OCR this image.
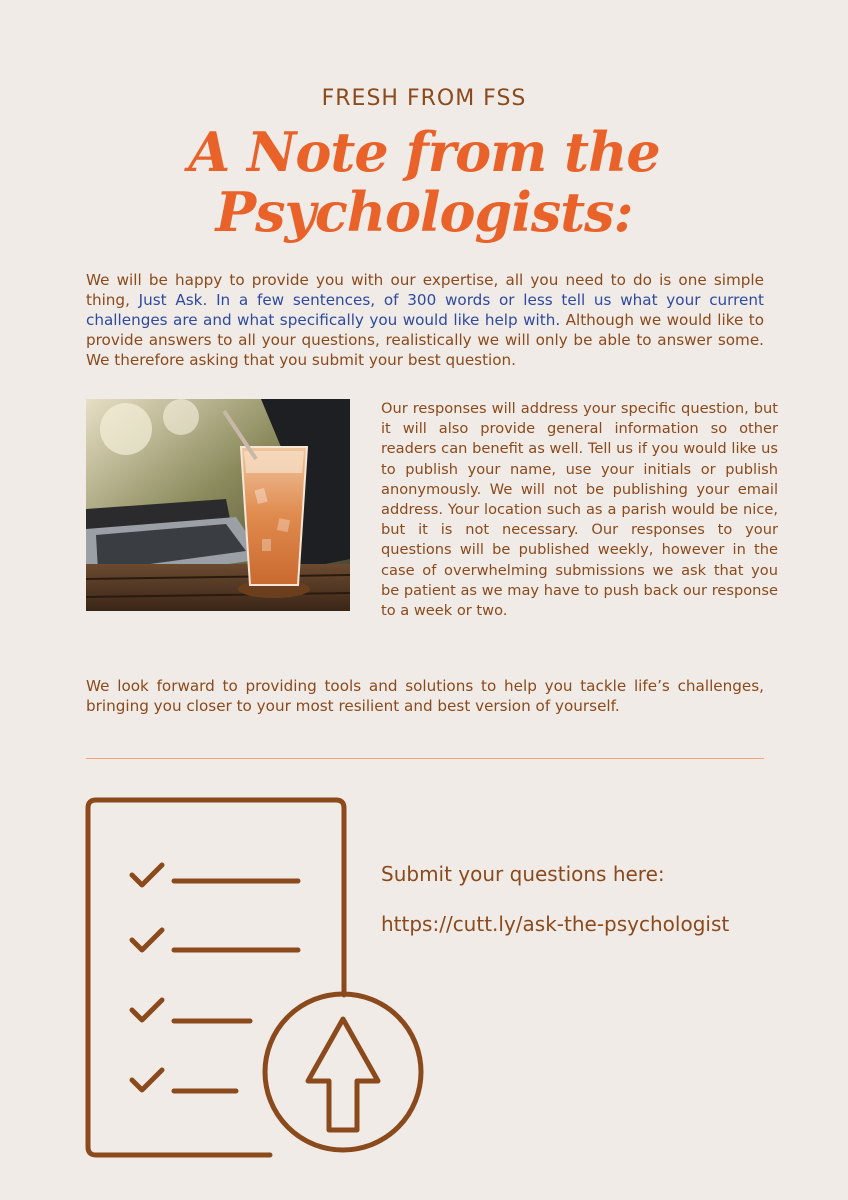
FRESH FROM FSS
A Note from the
Psychologists:
We will be happy to provide you with our expertise, all you need to do is one simple thing, Just Ask. In a few sentences, of 300 words or less tell us what your current challenges are and what specifically you would like help with. Although we would like to provide answers to all your questions, realistically we will only be able to answer some. We therefore asking that you submit your best question.
Our responses will address your specific question, but it will also provide general information so other readers can benefit as well. Tell us if you would like us to publish your name, use your initials or publish anonymously. We will not be publishing your email address. Your location such as a parish would be nice, but it is not necessary. Our responses to your questions will be published weekly, however in the case of overwhelming submissions we ask that you be patient as we may have to push back our response to a week or two.
We look forward to providing tools and solutions to help you tackle life’s challenges, bringing you closer to your most resilient and best version of yourself.
Submit your questions here:
https://cutt.ly/ask-the-psychologist
